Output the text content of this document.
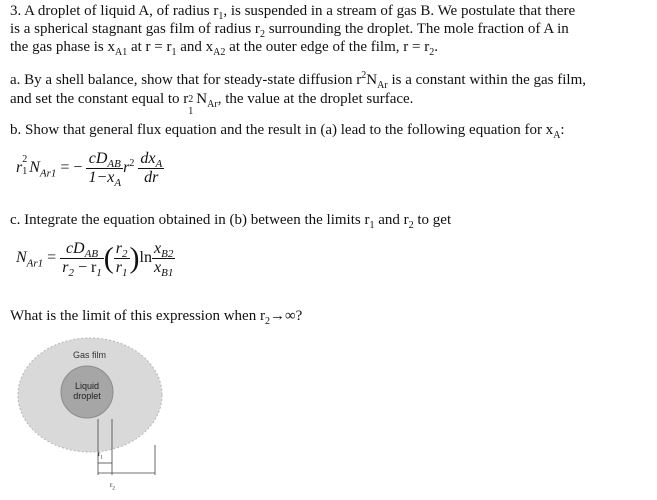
3. A droplet of liquid A, of radius $r_1$, is suspended in a stream of gas B. We postulate that there
is a spherical stagnant gas film of radius $r_2$ surrounding the droplet. The mole fraction of A in
the gas phase is $x_{A1}$ at $r = r_1$ and $x_{A2}$ at the outer edge of the film, $r = r_2$.
a. By a shell balance, show that for steady-state diffusion $r^2N_{Ar}$ is a constant within the gas film,
and set the constant equal to r 2
1
$N_{Ar}$, the value at the droplet surface.
b. Show that general flux equation and the result in (a) lead to the following equation for $x_A$:
r 2
1 $N_{Ar1}$ = − $\frac{cD_{AB}}{1-x_A} r^2 \frac{dx_A}{dr}$
c. Integrate the equation obtained in (b) between the limits $r_1$ and $r_2$ to get
$N_{Ar1} = \frac{cD_{AB}}{r_2 - r_1}$ ( $\frac{r_2}{r_1} )\ln \frac{x_{B2}}{x_{B1}}$
What is the limit of this expression when $r_2\to\infty$?
Gas film
Liquid
droplet
$r_1$
$r_2$
